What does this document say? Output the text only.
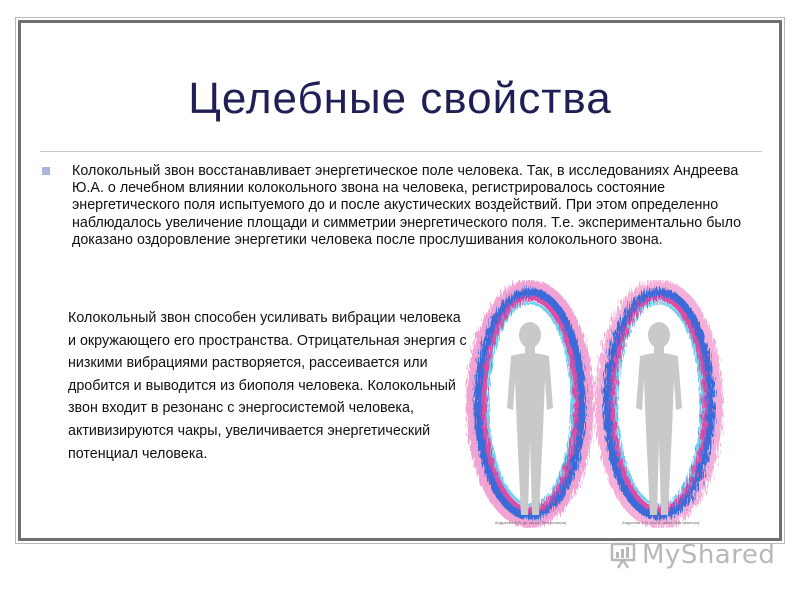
Целебные свойства

Колокольный звон восстанавливает энергетическое поле человека. Так, в исследованиях Андреева Ю.А. о лечебном влиянии колокольного звона на человека, регистрировалось состояние энергетического поля испытуемого до и после акустических воздействий. При этом определенно наблюдалось увеличение площади и симметрии энергетического поля. Т.е. экспериментально было доказано оздоровление энергетики человека после прослушивания колокольного звона.

Колокольный звон способен усиливать вибрации человека и окружающего его пространства. Отрицательная энергия с низкими вибрациями растворяется, рассеивается или дробится и выводится из биополя человека. Колокольный звон входит в резонанс с энергосистемой человека, активизируются чакры, увеличивается энергетический потенциал человека.

Андреева А.В. до звона (без фильтра)	Андреева А.В. после звона (без фильтра)
MyShared
